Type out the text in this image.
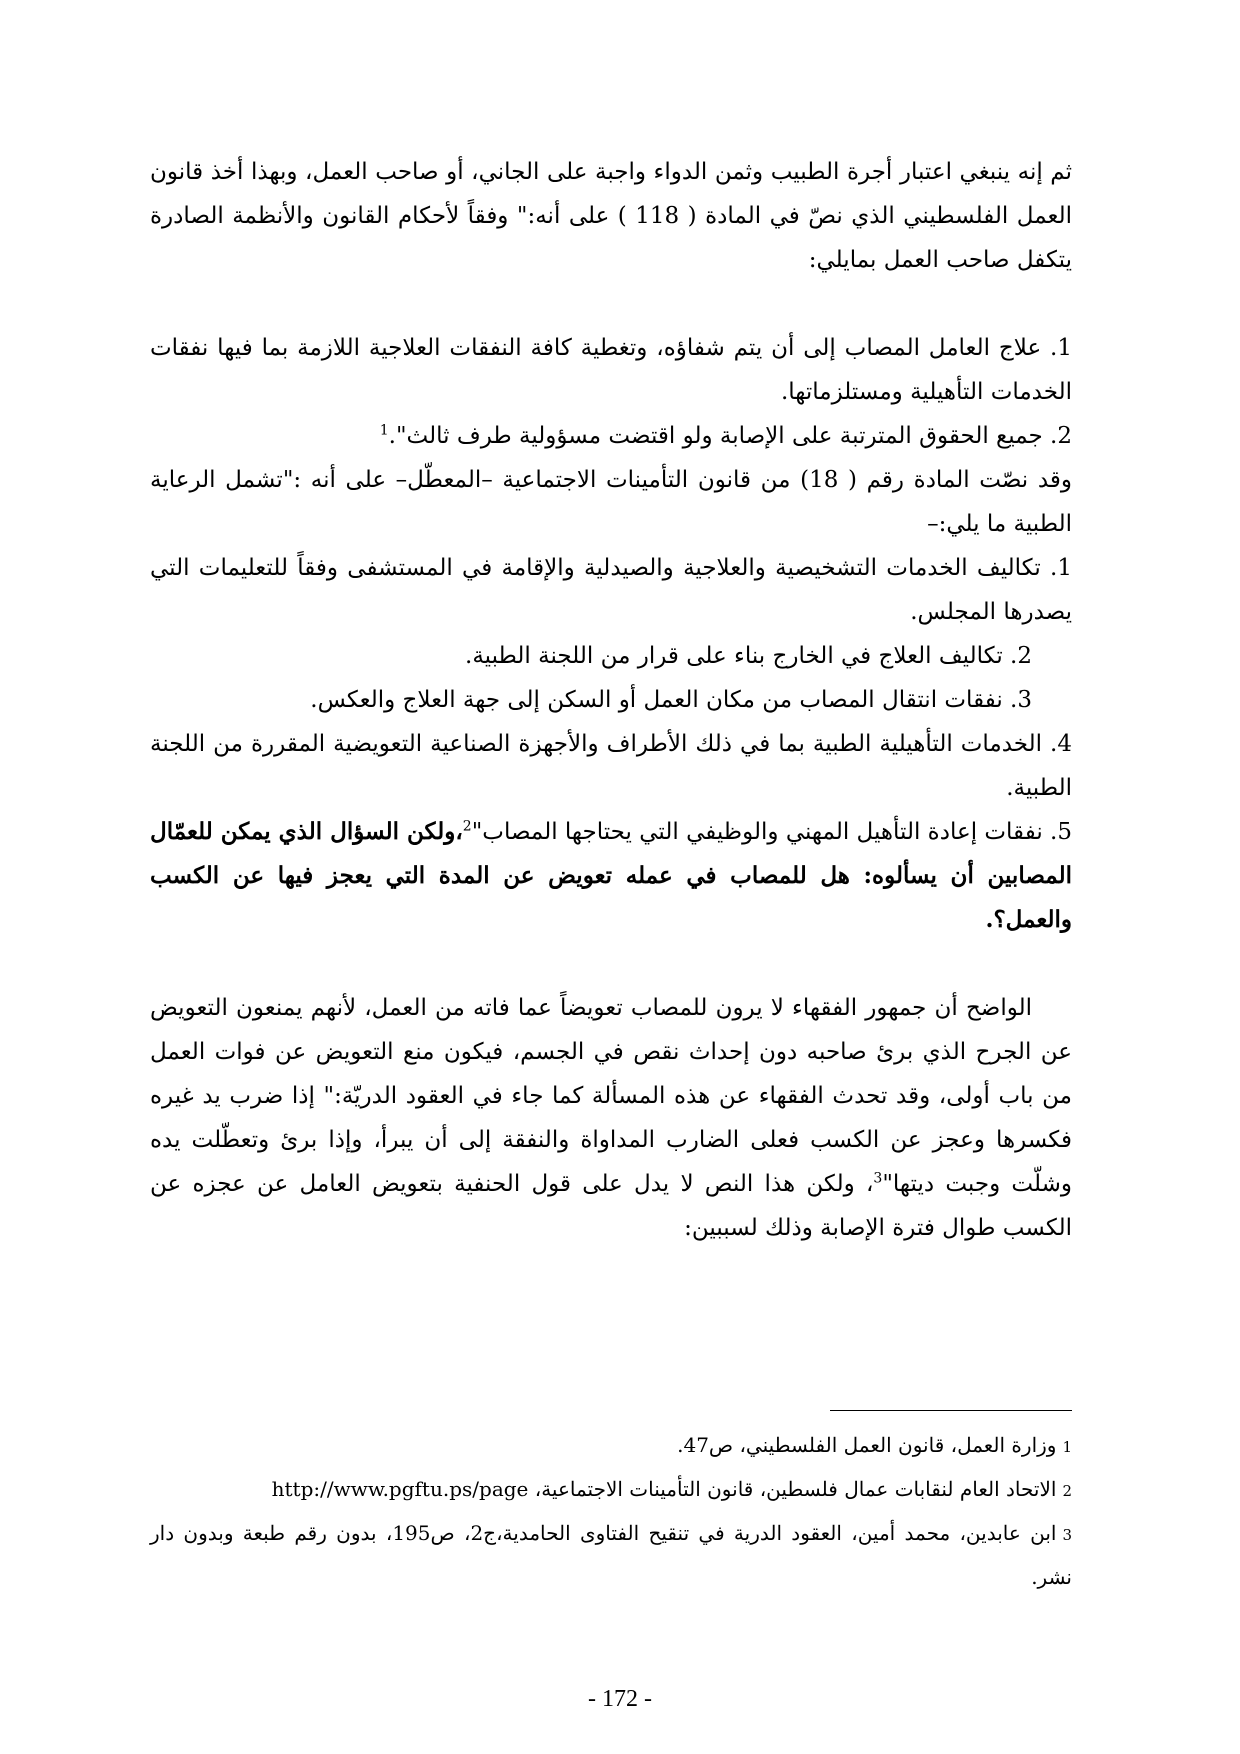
ثم إنه ينبغي اعتبار أجرة الطبيب وثمن الدواء واجبة على الجاني، أو صاحب العمل، وبهذا أخذ قانون العمل الفلسطيني الذي نصّ في المادة ( 118 ) على أنه:" وفقاً لأحكام القانون والأنظمة الصادرة يتكفل صاحب العمل بمايلي:

1. علاج العامل المصاب إلى أن يتم شفاؤه، وتغطية كافة النفقات العلاجية اللازمة بما فيها نفقات الخدمات التأهيلية ومستلزماتها.

2. جميع الحقوق المترتبة على الإصابة ولو اقتضت مسؤولية طرف ثالث".$^1$

وقد نصّت المادة رقم ( 18) من قانون التأمينات الاجتماعية –المعطّل– على أنه :"تشمل الرعاية الطبية ما يلي:–

1. تكاليف الخدمات التشخيصية والعلاجية والصيدلية والإقامة في المستشفى وفقاً للتعليمات التي يصدرها المجلس.

2. تكاليف العلاج في الخارج بناء على قرار من اللجنة الطبية.

3. نفقات انتقال المصاب من مكان العمل أو السكن إلى جهة العلاج والعكس.

4. الخدمات التأهيلية الطبية بما في ذلك الأطراف والأجهزة الصناعية التعويضية المقررة من اللجنة الطبية.

5. نفقات إعادة التأهيل المهني والوظيفي التي يحتاجها المصاب"$^2$،ولكن السؤال الذي يمكن للعمّال المصابين أن يسألوه: هل للمصاب في عمله تعويض عن المدة التي يعجز فيها عن الكسب والعمل؟.

الواضح أن جمهور الفقهاء لا يرون للمصاب تعويضاً عما فاته من العمل، لأنهم يمنعون التعويض عن الجرح الذي برئ صاحبه دون إحداث نقص في الجسم، فيكون منع التعويض عن فوات العمل من باب أولى، وقد تحدث الفقهاء عن هذه المسألة كما جاء في العقود الدريّة:" إذا ضرب يد غيره فكسرها وعجز عن الكسب فعلى الضارب المداواة والنفقة إلى أن يبرأ، وإذا برئ وتعطّلت يده وشلّت وجبت ديتها"$^3$، ولكن هذا النص لا يدل على قول الحنفية بتعويض العامل عن عجزه عن الكسب طوال فترة الإصابة وذلك لسببين:

1وزارة العمل، قانون العمل الفلسطيني، ص47.

2الاتحاد العام لنقابات عمال فلسطين، قانون التأمينات الاجتماعية، http://www.pgftu.ps/page

3ابن عابدين، محمد أمين، العقود الدرية في تنقيح الفتاوى الحامدية،ج2، ص195، بدون رقم طبعة وبدون دار نشر.

- 172 -
